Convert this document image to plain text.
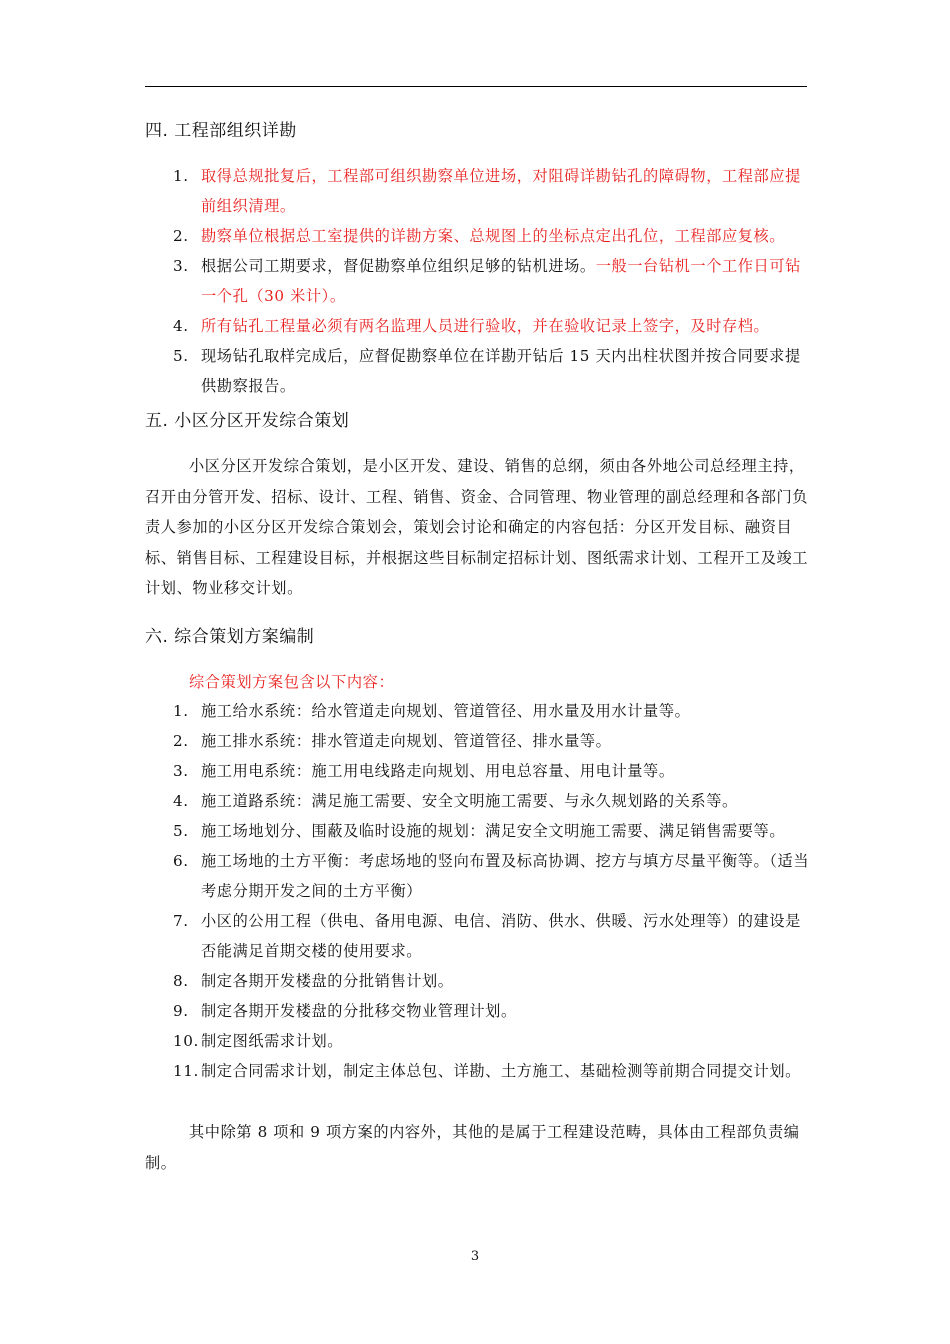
四. 工程部组织详勘
1. 取得总规批复后，工程部可组织勘察单位进场，对阻碍详勘钻孔的障碍物，工程部应提前组织清理。
2. 勘察单位根据总工室提供的详勘方案、总规图上的坐标点定出孔位，工程部应复核。
3. 根据公司工期要求，督促勘察单位组织足够的钻机进场。一般一台钻机一个工作日可钻一个孔（30 米计）。
4. 所有钻孔工程量必须有两名监理人员进行验收，并在验收记录上签字，及时存档。
5. 现场钻孔取样完成后，应督促勘察单位在详勘开钻后 15 天内出柱状图并按合同要求提供勘察报告。
五. 小区分区开发综合策划
小区分区开发综合策划，是小区开发、建设、销售的总纲，须由各外地公司总经理主持，召开由分管开发、招标、设计、工程、销售、资金、合同管理、物业管理的副总经理和各部门负责人参加的小区分区开发综合策划会，策划会讨论和确定的内容包括：分区开发目标、融资目标、销售目标、工程建设目标，并根据这些目标制定招标计划、图纸需求计划、工程开工及竣工计划、物业移交计划。
六. 综合策划方案编制
综合策划方案包含以下内容：
1. 施工给水系统：给水管道走向规划、管道管径、用水量及用水计量等。
2. 施工排水系统：排水管道走向规划、管道管径、排水量等。
3. 施工用电系统：施工用电线路走向规划、用电总容量、用电计量等。
4. 施工道路系统：满足施工需要、安全文明施工需要、与永久规划路的关系等。
5. 施工场地划分、围蔽及临时设施的规划：满足安全文明施工需要、满足销售需要等。
6. 施工场地的土方平衡：考虑场地的竖向布置及标高协调、挖方与填方尽量平衡等。（适当考虑分期开发之间的土方平衡）
7. 小区的公用工程（供电、备用电源、电信、消防、供水、供暖、污水处理等）的建设是否能满足首期交楼的使用要求。
8. 制定各期开发楼盘的分批销售计划。
9. 制定各期开发楼盘的分批移交物业管理计划。
10. 制定图纸需求计划。
11. 制定合同需求计划，制定主体总包、详勘、土方施工、基础检测等前期合同提交计划。
其中除第 8 项和 9 项方案的内容外，其他的是属于工程建设范畴，具体由工程部负责编制。
3
